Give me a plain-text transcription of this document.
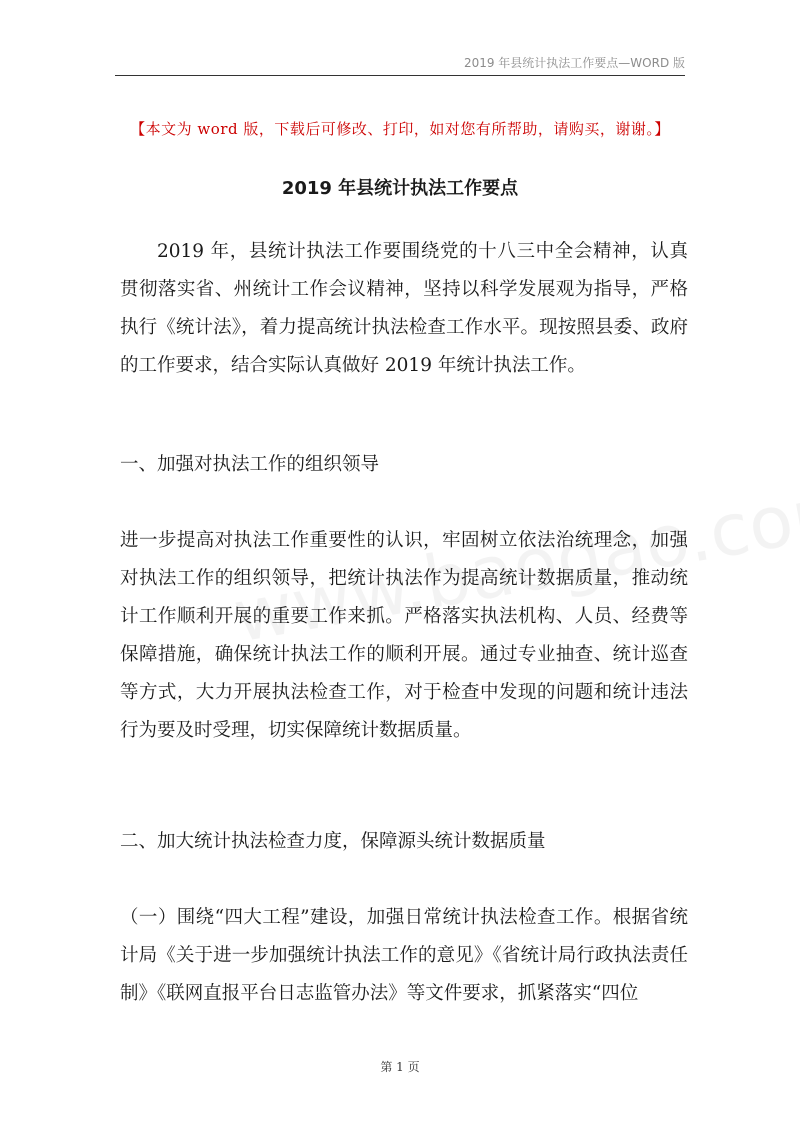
2019 年县统计执法工作要点—WORD 版
【本文为 word 版，下载后可修改、打印，如对您有所帮助，请购买，谢谢。】
2019 年县统计执法工作要点

2019 年，县统计执法工作要围绕党的十八三中全会精神，认真贯彻落实省、州统计工作会议精神，坚持以科学发展观为指导，严格执行《统计法》，着力提高统计执法检查工作水平。现按照县委、政府的工作要求，结合实际认真做好 2019 年统计执法工作。

一、加强对执法工作的组织领导

进一步提高对执法工作重要性的认识，牢固树立依法治统理念，加强对执法工作的组织领导，把统计执法作为提高统计数据质量，推动统计工作顺利开展的重要工作来抓。严格落实执法机构、人员、经费等保障措施，确保统计执法工作的顺利开展。通过专业抽查、统计巡查等方式，大力开展执法检查工作，对于检查中发现的问题和统计违法行为要及时受理，切实保障统计数据质量。

二、加大统计执法检查力度，保障源头统计数据质量

（一）围绕“四大工程”建设，加强日常统计执法检查工作。根据省统计局《关于进一步加强统计执法工作的意见》《省统计局行政执法责任制》《联网直报平台日志监管办法》等文件要求，抓紧落实“四位

第 1 页
